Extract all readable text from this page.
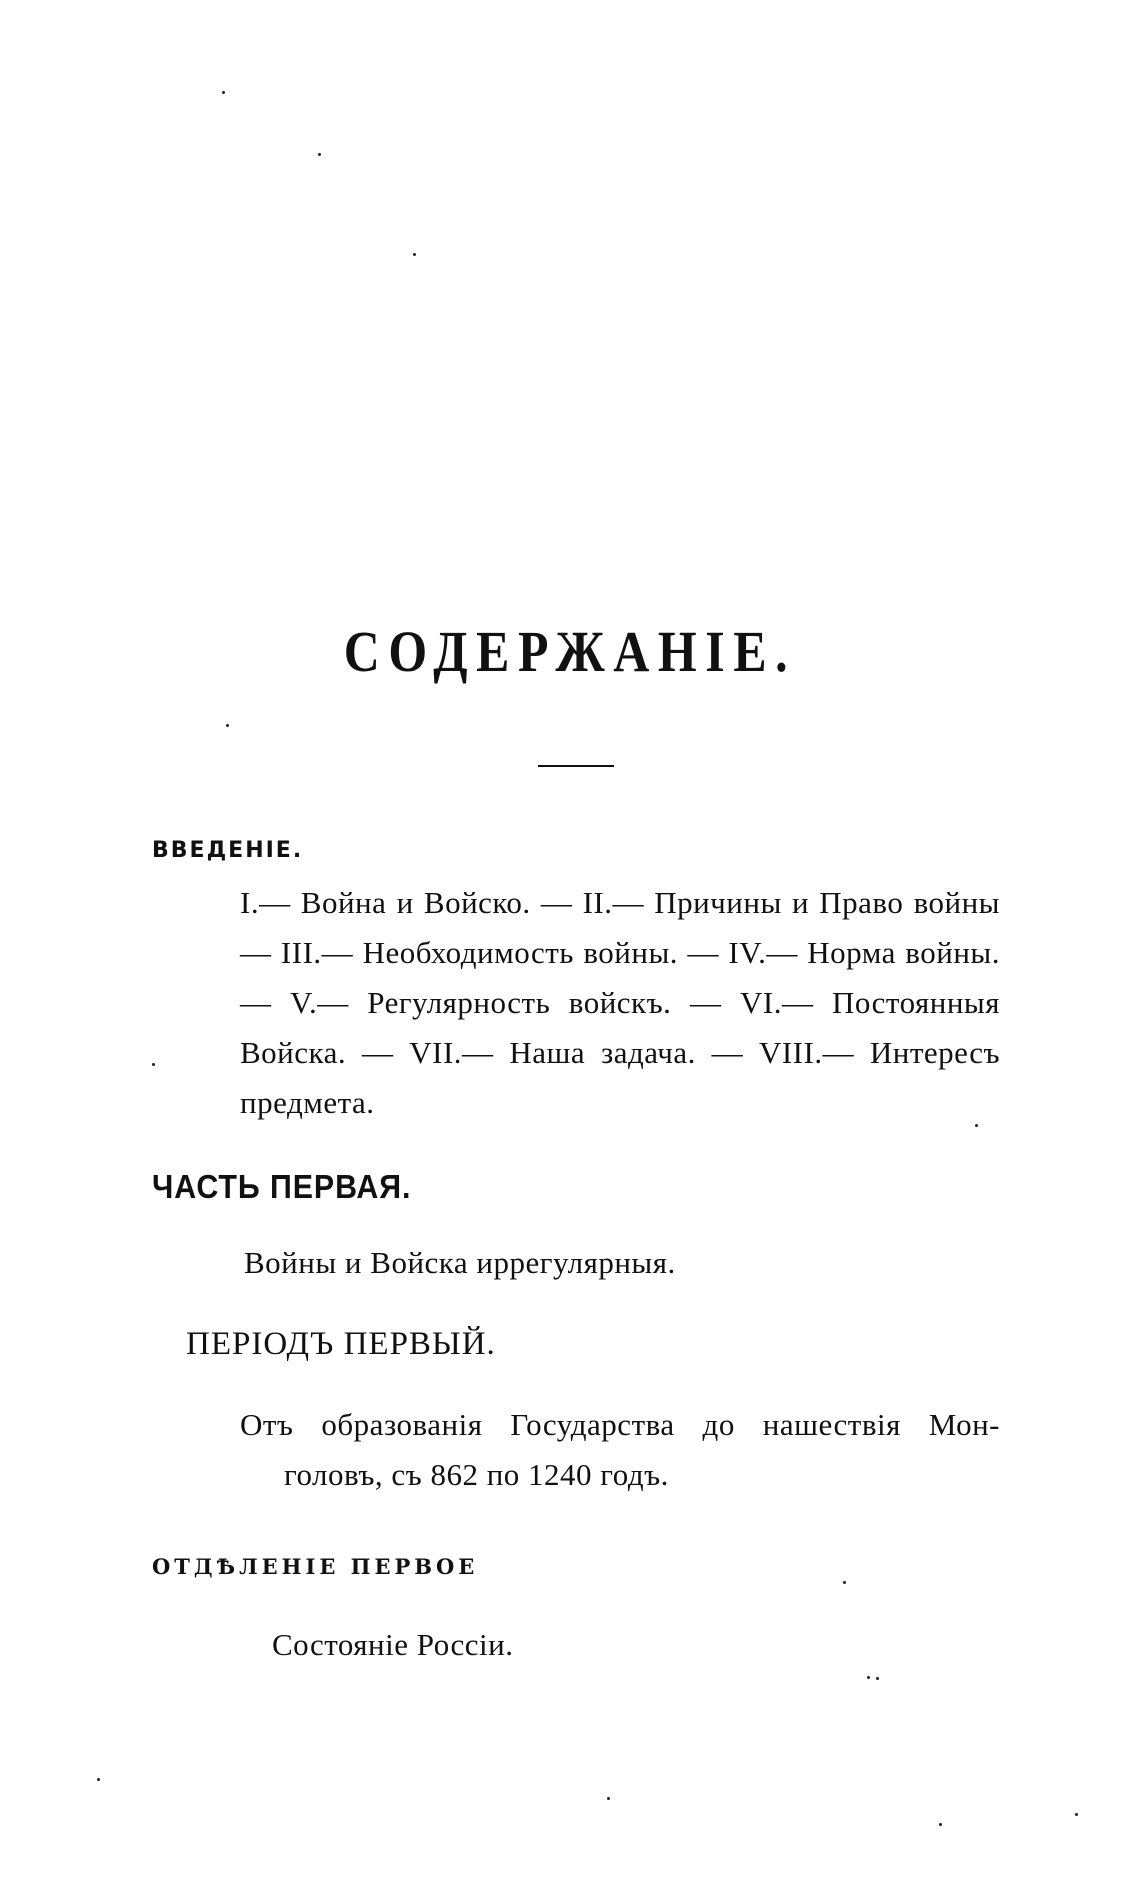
СОДЕРЖАНІЕ.
ВВЕДЕНІЕ.
I.— Война и Войско. — II.— Причины и Право войны — III.— Необходимость войны. — IV.— Норма войны. — V.— Регулярность войскъ. — VI.— Постоянныя Войска. — VII.— Наша задача. — VIII.— Интересъ предмета.
ЧАСТЬ ПЕРВАЯ.
Войны и Войска иррегулярныя.
ПЕРІОДЪ ПЕРВЫЙ.
Отъ образованія Государства до нашествія Мон-
головъ, съ 862 по 1240 годъ.
ОТДѢЛЕНІЕ ПЕРВОЕ
Состояніе Россіи.
